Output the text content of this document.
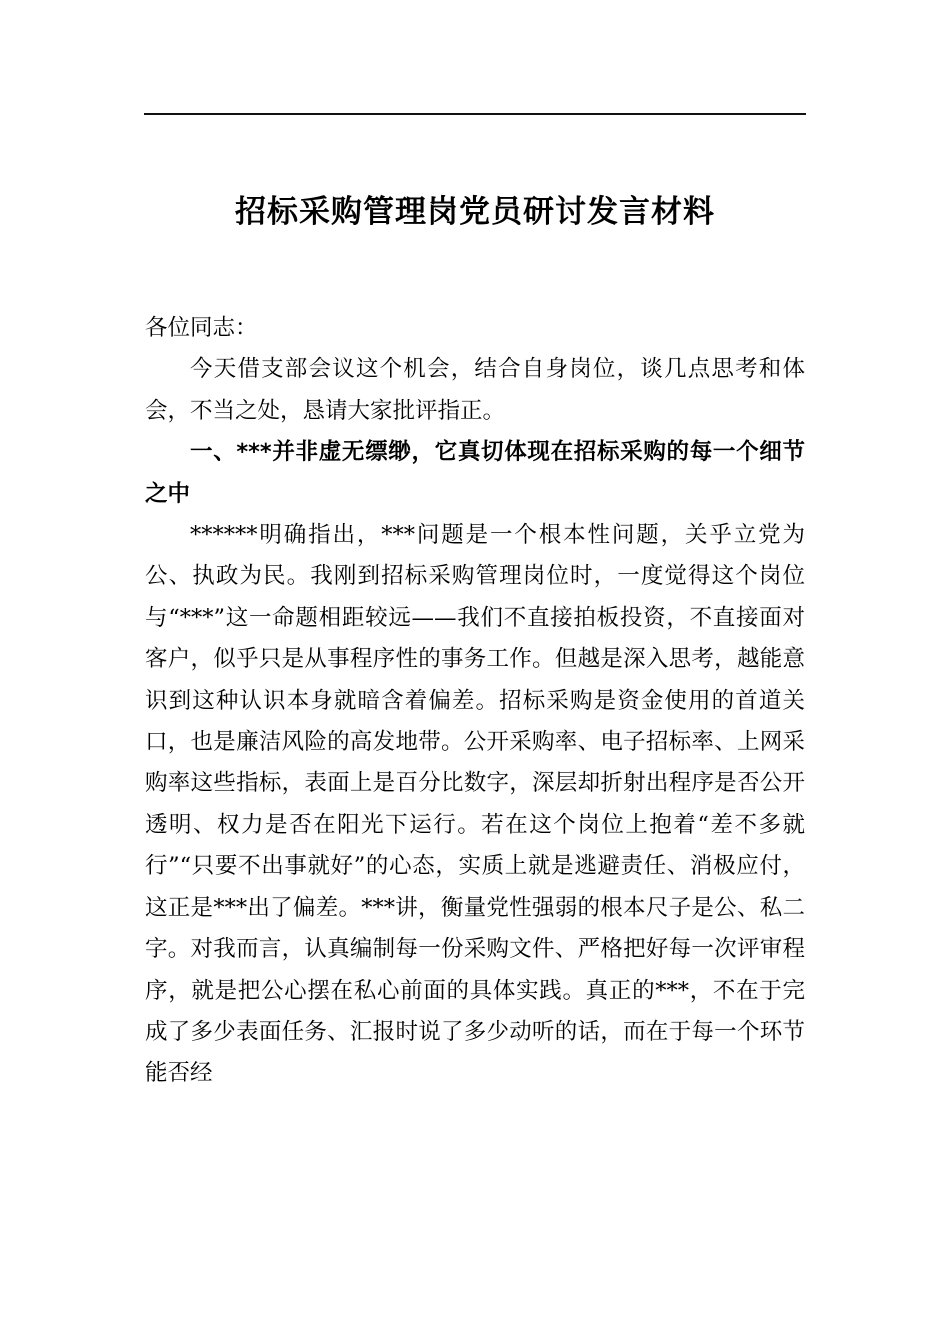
招标采购管理岗党员研讨发言材料

各位同志：

今天借支部会议这个机会，结合自身岗位，谈几点思考和体会，不当之处，恳请大家批评指正。

一、***并非虚无缥缈，它真切体现在招标采购的每一个细节之中

******明确指出，***问题是一个根本性问题，关乎立党为公、执政为民。我刚到招标采购管理岗位时，一度觉得这个岗位与“***”这一命题相距较远——我们不直接拍板投资，不直接面对客户，似乎只是从事程序性的事务工作。但越是深入思考，越能意识到这种认识本身就暗含着偏差。招标采购是资金使用的首道关口，也是廉洁风险的高发地带。公开采购率、电子招标率、上网采购率这些指标，表面上是百分比数字，深层却折射出程序是否公开透明、权力是否在阳光下运行。若在这个岗位上抱着“差不多就行”“只要不出事就好”的心态，实质上就是逃避责任、消极应付，这正是***出了偏差。***讲，衡量党性强弱的根本尺子是公、私二字。对我而言，认真编制每一份采购文件、严格把好每一次评审程序，就是把公心摆在私心前面的具体实践。真正的***，不在于完成了多少表面任务、汇报时说了多少动听的话，而在于每一个环节能否经
